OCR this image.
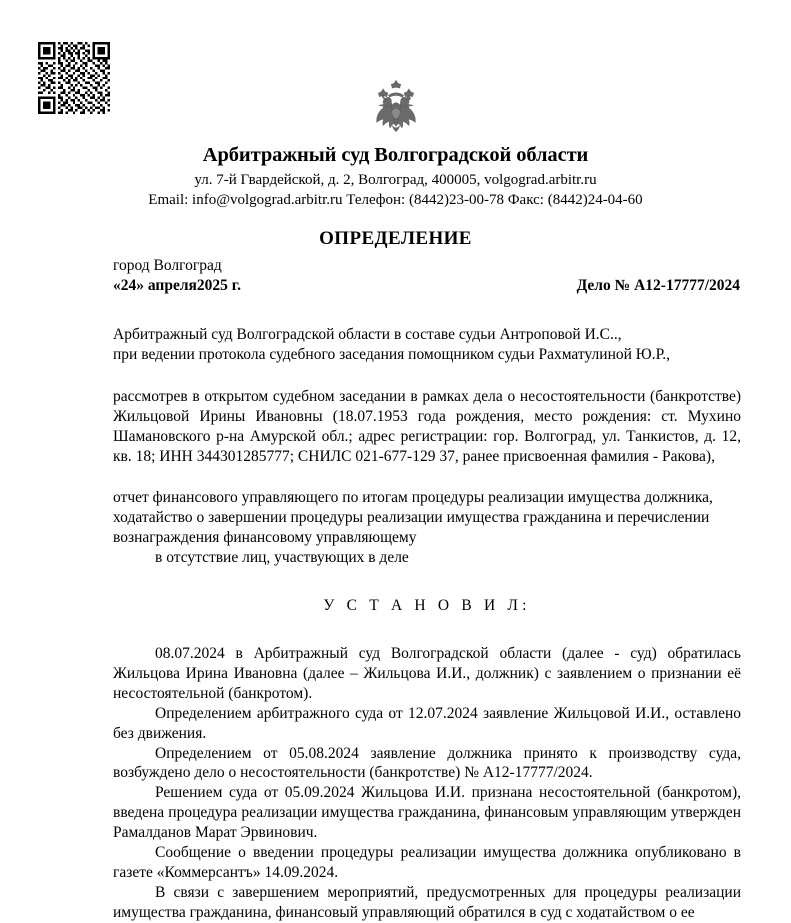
Арбитражный суд Волгоградской области
ул. 7-й Гвардейской, д. 2, Волгоград, 400005, volgograd.arbitr.ru
Email: info@volgograd.arbitr.ru Телефон: (8442)23-00-78 Факс: (8442)24-04-60
ОПРЕДЕЛЕНИЕ
город Волгоград
«24» апреля2025 г.	Дело № А12-17777/2024

Арбитражный суд Волгоградской области в составе судьи Антроповой И.С..,

при ведении протокола судебного заседания помощником судьи Рахматулиной Ю.Р.,

рассмотрев в открытом судебном заседании в рамках дела о несостоятельности (банкротстве) Жильцовой Ирины Ивановны (18.07.1953 года рождения, место рождения: ст. Мухино Шамановского р-на Амурской обл.; адрес регистрации: гор. Волгоград, ул. Танкистов, д. 12, кв. 18; ИНН 344301285777; СНИЛС 021-677-129 37, ранее присвоенная фамилия - Ракова),

отчет финансового управляющего по итогам процедуры реализации имущества должника, ходатайство о завершении процедуры реализации имущества гражданина и перечислении вознаграждения финансовому управляющему

в отсутствие лиц, участвующих в деле

У С Т А Н О В И Л:

08.07.2024 в Арбитражный суд Волгоградской области (далее - суд) обратилась Жильцова Ирина Ивановна (далее – Жильцова И.И., должник) с заявлением о признании её несостоятельной (банкротом).

Определением арбитражного суда от 12.07.2024 заявление Жильцовой И.И., оставлено без движения.

Определением от 05.08.2024 заявление должника принято к производству суда, возбуждено дело о несостоятельности (банкротстве) № А12-17777/2024.

Решением суда от 05.09.2024 Жильцова И.И. признана несостоятельной (банкротом), введена процедура реализации имущества гражданина, финансовым управляющим утвержден Рамалданов Марат Эрвинович.

Сообщение о введении процедуры реализации имущества должника опубликовано в газете «Коммерсантъ» 14.09.2024.

В связи с завершением мероприятий, предусмотренных для процедуры реализации имущества гражданина, финансовый управляющий обратился в суд с ходатайством о ее
